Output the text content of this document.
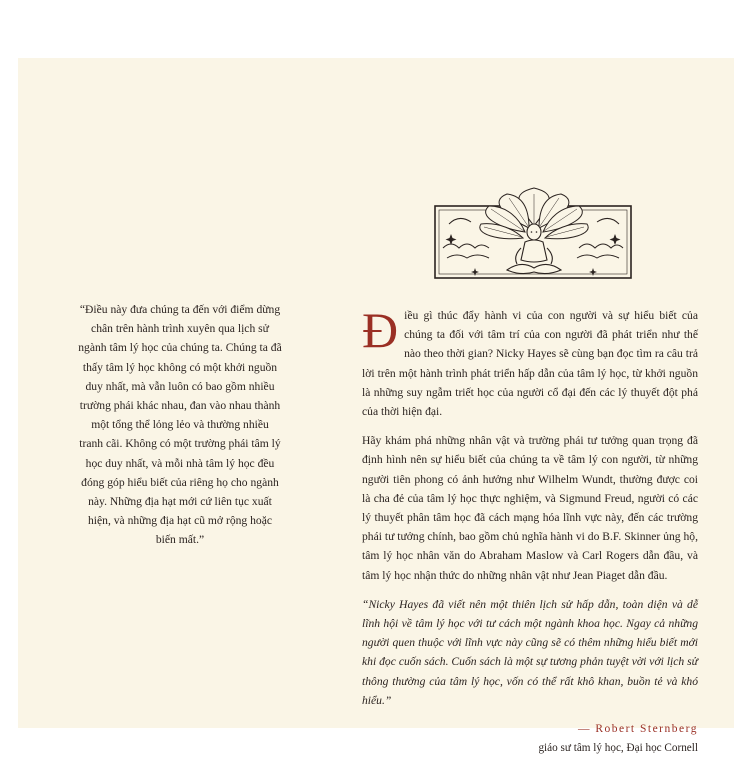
“Điều này đưa chúng ta đến với điểm dừng chân trên hành trình xuyên qua lịch sử ngành tâm lý học của chúng ta. Chúng ta đã thấy tâm lý học không có một khởi nguồn duy nhất, mà vẫn luôn có bao gồm nhiều trường phái khác nhau, đan vào nhau thành một tổng thể lỏng lẻo và thường nhiều tranh cãi. Không có một trường phái tâm lý học duy nhất, và mỗi nhà tâm lý học đều đóng góp hiểu biết của riêng họ cho ngành này. Những địa hạt mới cứ liên tục xuất hiện, và những địa hạt cũ mở rộng hoặc biến mất.”

Điều gì thúc đẩy hành vi của con người và sự hiểu biết của chúng ta đối với tâm trí của con người đã phát triển như thế nào theo thời gian? Nicky Hayes sẽ cùng bạn đọc tìm ra câu trả lời trên một hành trình phát triển hấp dẫn của tâm lý học, từ khởi nguồn là những suy ngẫm triết học của người cổ đại đến các lý thuyết đột phá của thời hiện đại.

Hãy khám phá những nhân vật và trường phái tư tưởng quan trọng đã định hình nên sự hiểu biết của chúng ta về tâm lý con người, từ những người tiên phong có ảnh hưởng như Wilhelm Wundt, thường được coi là cha đẻ của tâm lý học thực nghiệm, và Sigmund Freud, người có các lý thuyết phân tâm học đã cách mạng hóa lĩnh vực này, đến các trường phái tư tưởng chính, bao gồm chủ nghĩa hành vi do B.F. Skinner ủng hộ, tâm lý học nhân văn do Abraham Maslow và Carl Rogers dẫn đầu, và tâm lý học nhận thức do những nhân vật như Jean Piaget dẫn đầu.

“Nicky Hayes đã viết nên một thiên lịch sử hấp dẫn, toàn diện và dễ lĩnh hội về tâm lý học với tư cách một ngành khoa học. Ngay cả những người quen thuộc với lĩnh vực này cũng sẽ có thêm những hiểu biết mới khi đọc cuốn sách. Cuốn sách là một sự tương phản tuyệt vời với lịch sử thông thường của tâm lý học, vốn có thể rất khô khan, buồn tẻ và khó hiểu.”

— Robert Sternberg
giáo sư tâm lý học, Đại học Cornell
